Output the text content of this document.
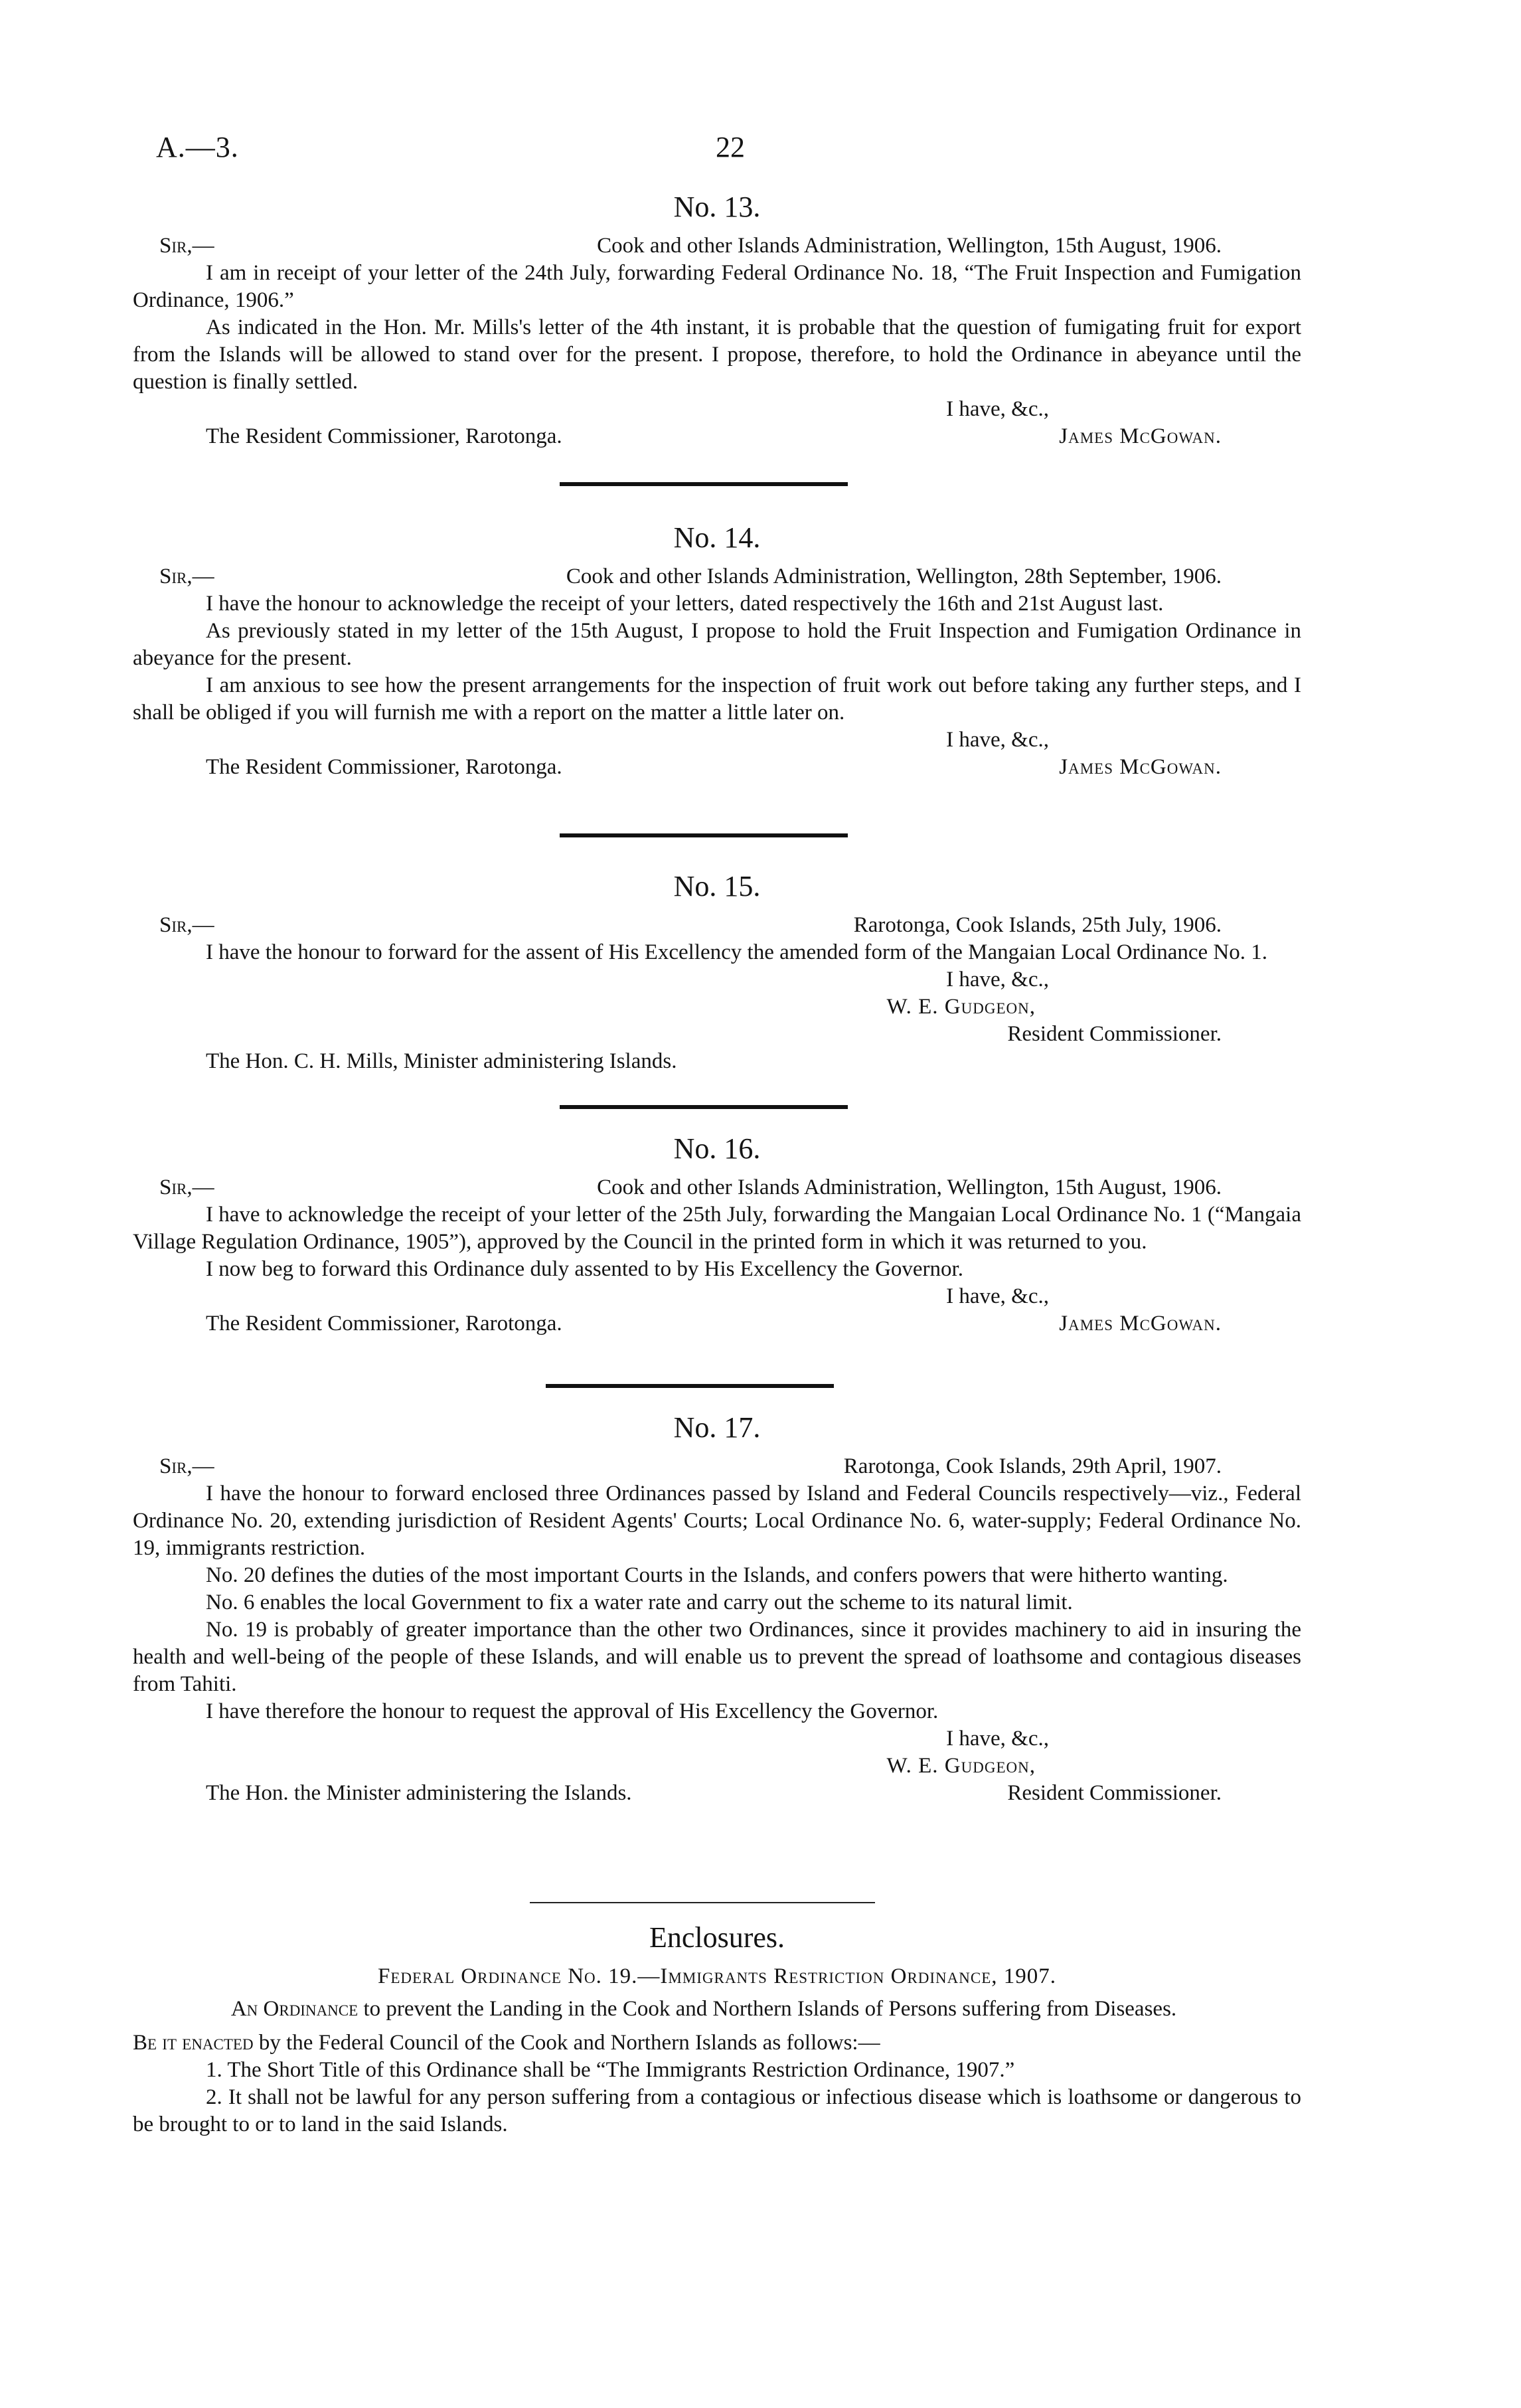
A.—3.	22
No. 13.
Sir,—	Cook and other Islands Administration, Wellington, 15th August, 1906.

I am in receipt of your letter of the 24th July, forwarding Federal Ordinance No. 18, “The Fruit Inspection and Fumigation Ordinance, 1906.”

As indicated in the Hon. Mr. Mills's letter of the 4th instant, it is probable that the question of fumigating fruit for export from the Islands will be allowed to stand over for the present. I propose, therefore, to hold the Ordinance in abeyance until the question is finally settled.

I have, &c.,

The Resident Commissioner, Rarotonga.	James McGowan.
No. 14.
Sir,—	Cook and other Islands Administration, Wellington, 28th September, 1906.

I have the honour to acknowledge the receipt of your letters, dated respectively the 16th and 21st August last.

As previously stated in my letter of the 15th August, I propose to hold the Fruit Inspection and Fumigation Ordinance in abeyance for the present.

I am anxious to see how the present arrangements for the inspection of fruit work out before taking any further steps, and I shall be obliged if you will furnish me with a report on the matter a little later on.

I have, &c.,

The Resident Commissioner, Rarotonga.	James McGowan.
No. 15.
Sir,—	Rarotonga, Cook Islands, 25th July, 1906.

I have the honour to forward for the assent of His Excellency the amended form of the Mangaian Local Ordinance No. 1.

I have, &c.,

W. E. Gudgeon,
Resident Commissioner.

The Hon. C. H. Mills, Minister administering Islands.
No. 16.
Sir,—	Cook and other Islands Administration, Wellington, 15th August, 1906.

I have to acknowledge the receipt of your letter of the 25th July, forwarding the Mangaian Local Ordinance No. 1 (“Mangaia Village Regulation Ordinance, 1905”), approved by the Council in the printed form in which it was returned to you.

I now beg to forward this Ordinance duly assented to by His Excellency the Governor.

I have, &c.,

The Resident Commissioner, Rarotonga.	James McGowan.
No. 17.
Sir,—	Rarotonga, Cook Islands, 29th April, 1907.

I have the honour to forward enclosed three Ordinances passed by Island and Federal Councils respectively—viz., Federal Ordinance No. 20, extending jurisdiction of Resident Agents' Courts; Local Ordinance No. 6, water-supply; Federal Ordinance No. 19, immigrants restriction.

No. 20 defines the duties of the most important Courts in the Islands, and confers powers that were hitherto wanting.

No. 6 enables the local Government to fix a water rate and carry out the scheme to its natural limit.

No. 19 is probably of greater importance than the other two Ordinances, since it provides machinery to aid in insuring the health and well-being of the people of these Islands, and will enable us to prevent the spread of loathsome and contagious diseases from Tahiti.

I have therefore the honour to request the approval of His Excellency the Governor.

I have, &c.,

W. E. Gudgeon,

The Hon. the Minister administering the Islands.	Resident Commissioner.
Enclosures.

Federal Ordinance No. 19.—Immigrants Restriction Ordinance, 1907.

An Ordinance to prevent the Landing in the Cook and Northern Islands of Persons suffering from Diseases.

Be it enacted by the Federal Council of the Cook and Northern Islands as follows:—

1. The Short Title of this Ordinance shall be “The Immigrants Restriction Ordinance, 1907.”

2. It shall not be lawful for any person suffering from a contagious or infectious disease which is loathsome or dangerous to be brought to or to land in the said Islands.
